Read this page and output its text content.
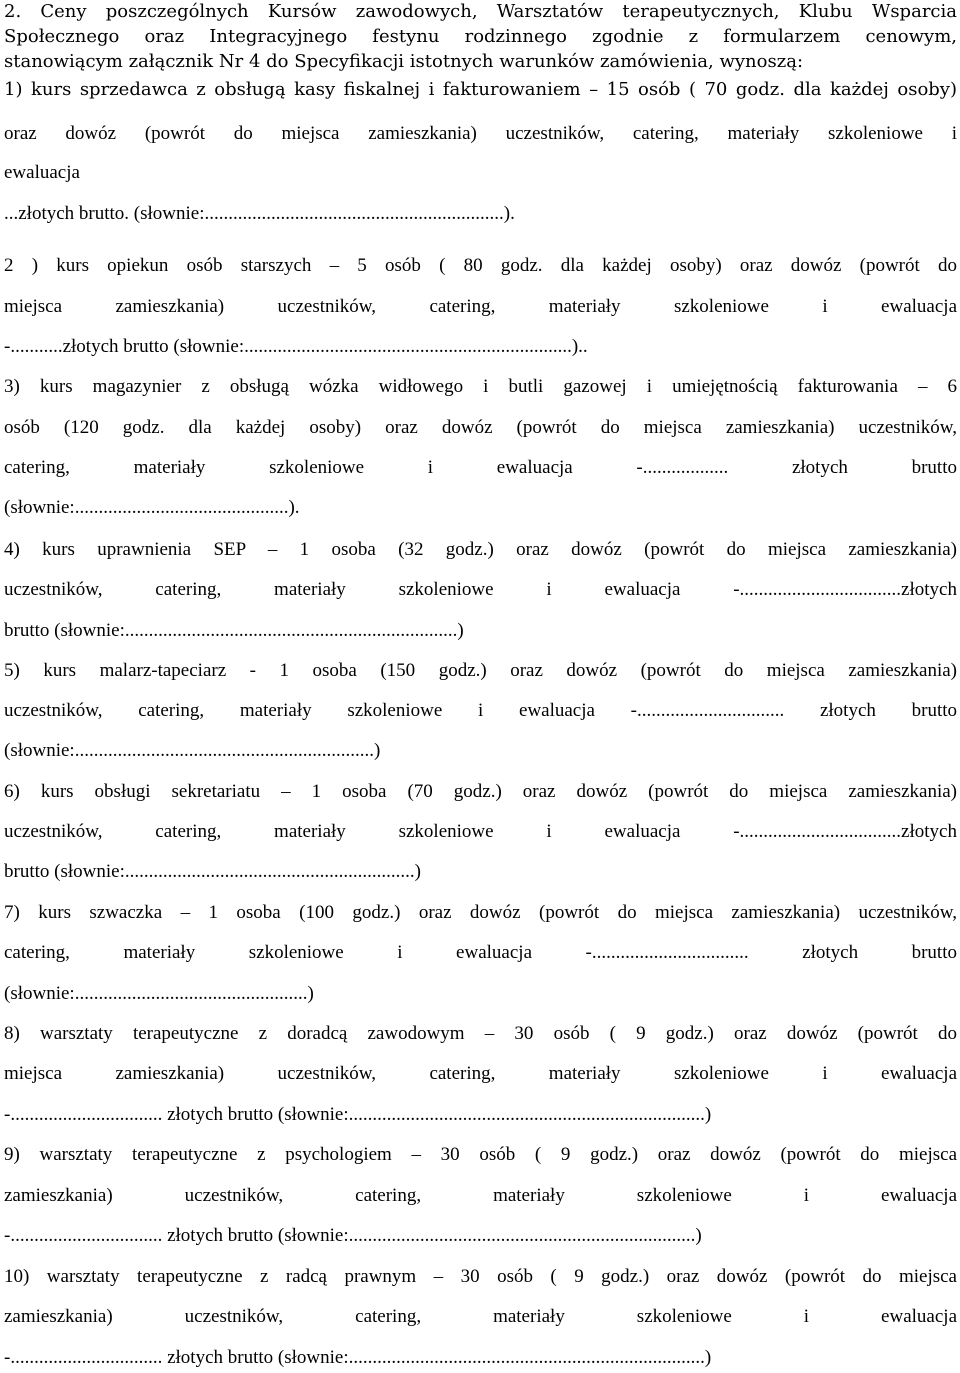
2. Ceny poszczególnych Kursów zawodowych, Warsztatów terapeutycznych, Klubu Wsparcia
Społecznego oraz Integracyjnego festynu rodzinnego zgodnie z formularzem cenowym,
stanowiącym załącznik Nr 4 do Specyfikacji istotnych warunków zamówienia, wynoszą:
1) kurs sprzedawca z obsługą kasy fiskalnej i fakturowaniem – 15 osób ( 70 godz. dla każdej osoby)
oraz dowóz (powrót do miejsca zamieszkania) uczestników, catering, materiały szkoleniowe i
ewaluacja
...złotych brutto. (słownie:...............................................................).
2 ) kurs opiekun osób starszych – 5 osób ( 80 godz. dla każdej osoby) oraz dowóz (powrót do
miejsca zamieszkania) uczestników, catering, materiały szkoleniowe i ewaluacja
-...........złotych brutto (słownie:.....................................................................)..
3) kurs magazynier z obsługą wózka widłowego i butli gazowej i umiejętnością fakturowania – 6
osób (120 godz. dla każdej osoby) oraz dowóz (powrót do miejsca zamieszkania) uczestników,
catering, materiały szkoleniowe i ewaluacja -.................. złotych brutto
(słownie:.............................................).
4) kurs uprawnienia SEP – 1 osoba (32 godz.) oraz dowóz (powrót do miejsca zamieszkania)
uczestników, catering, materiały szkoleniowe i ewaluacja -..................................złotych
brutto (słownie:......................................................................)
5) kurs malarz-tapeciarz - 1 osoba (150 godz.) oraz dowóz (powrót do miejsca zamieszkania)
uczestników, catering, materiały szkoleniowe i ewaluacja -............................... złotych brutto
(słownie:...............................................................)
6) kurs obsługi sekretariatu – 1 osoba (70 godz.) oraz dowóz (powrót do miejsca zamieszkania)
uczestników, catering, materiały szkoleniowe i ewaluacja -..................................złotych
brutto (słownie:.............................................................)
7) kurs szwaczka – 1 osoba (100 godz.) oraz dowóz (powrót do miejsca zamieszkania) uczestników,
catering, materiały szkoleniowe i ewaluacja -................................. złotych brutto
(słownie:.................................................)
8) warsztaty terapeutyczne z doradcą zawodowym – 30 osób ( 9 godz.) oraz dowóz (powrót do
miejsca zamieszkania) uczestników, catering, materiały szkoleniowe i ewaluacja
-................................ złotych brutto (słownie:...........................................................................)
9) warsztaty terapeutyczne z psychologiem – 30 osób ( 9 godz.) oraz dowóz (powrót do miejsca
zamieszkania) uczestników, catering, materiały szkoleniowe i ewaluacja
-................................ złotych brutto (słownie:.........................................................................)
10) warsztaty terapeutyczne z radcą prawnym – 30 osób ( 9 godz.) oraz dowóz (powrót do miejsca
zamieszkania) uczestników, catering, materiały szkoleniowe i ewaluacja
-................................ złotych brutto (słownie:...........................................................................)
